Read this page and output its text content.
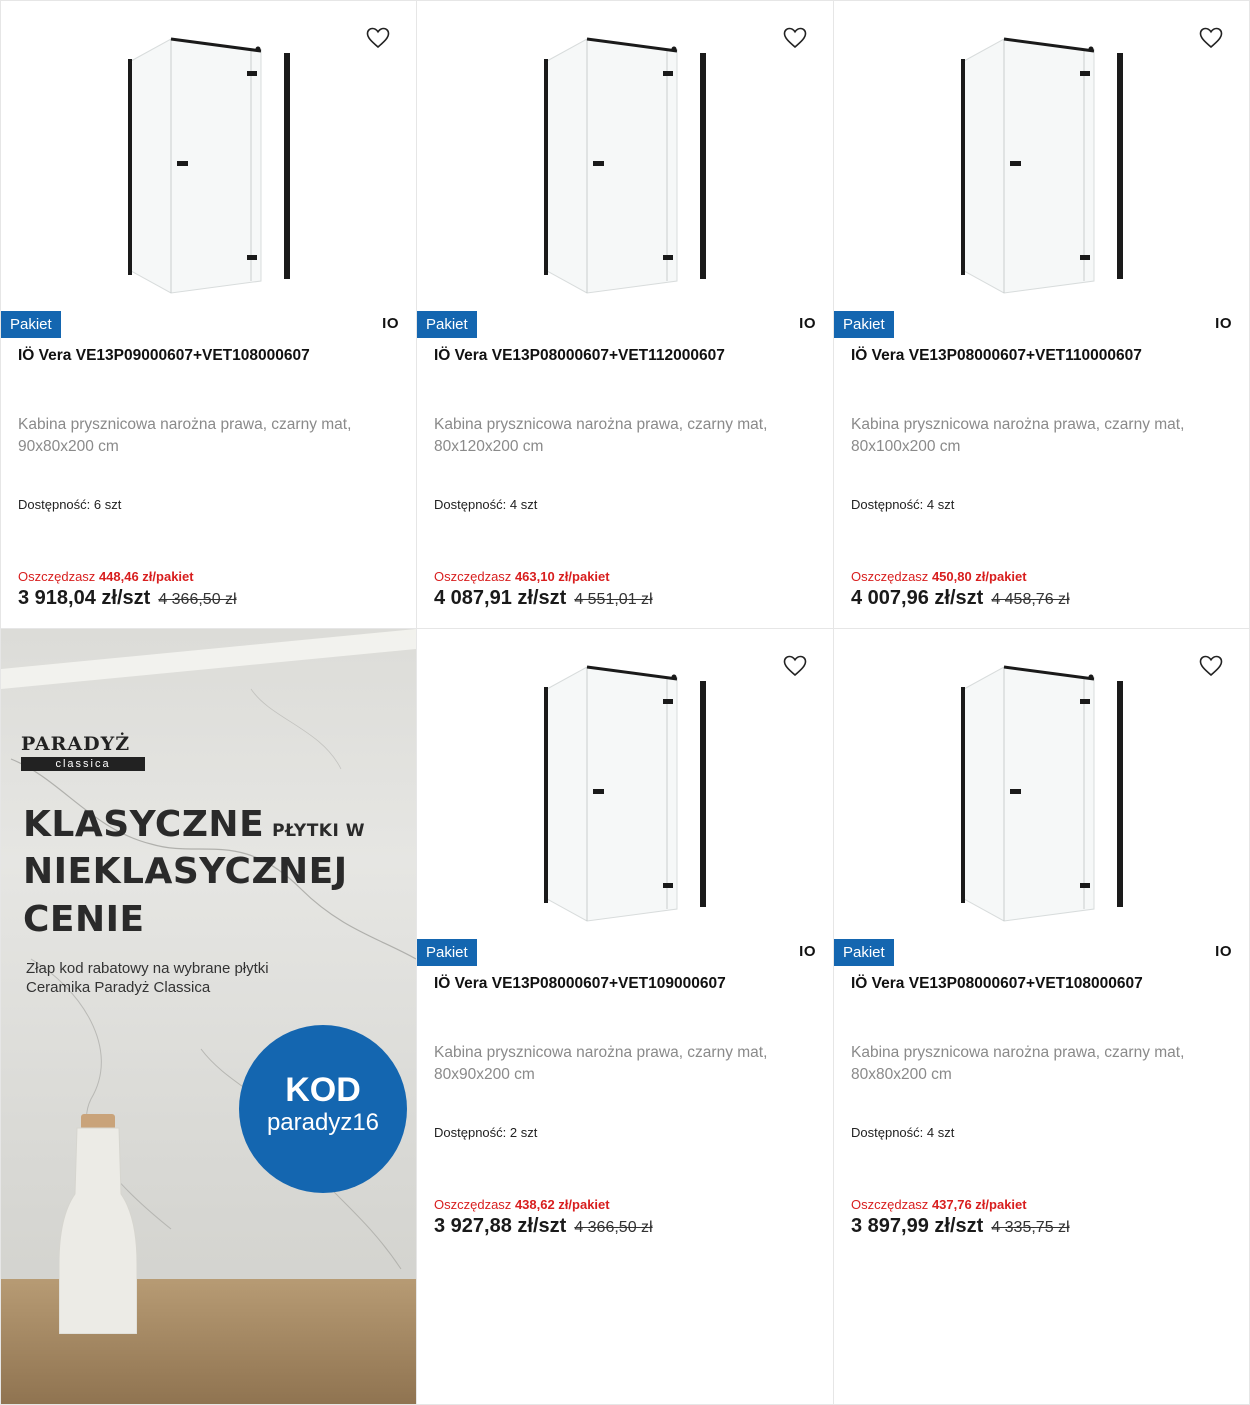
Pakiet	IO
IÖ Vera VE13P09000607+VET108000607
Kabina prysznicowa narożna prawa, czarny mat, 90x80x200 cm
Dostępność: 6 szt
Oszczędzasz 448,46 zł/pakiet
3 918,04 zł/szt 4 366,50 zł
Pakiet	IO
IÖ Vera VE13P08000607+VET112000607
Kabina prysznicowa narożna prawa, czarny mat, 80x120x200 cm
Dostępność: 4 szt
Oszczędzasz 463,10 zł/pakiet
4 087,91 zł/szt 4 551,01 zł
Pakiet	IO
IÖ Vera VE13P08000607+VET110000607
Kabina prysznicowa narożna prawa, czarny mat, 80x100x200 cm
Dostępność: 4 szt
Oszczędzasz 450,80 zł/pakiet
4 007,96 zł/szt 4 458,76 zł
PARADYŻ
classica
KLASYCZNE PŁYTKI W
NIEKLASYCZNEJ
CENIE
Złap kod rabatowy na wybrane płytki Ceramika Paradyż Classica
KOD
paradyz16
Pakiet	IO
IÖ Vera VE13P08000607+VET109000607
Kabina prysznicowa narożna prawa, czarny mat, 80x90x200 cm
Dostępność: 2 szt
Oszczędzasz 438,62 zł/pakiet
3 927,88 zł/szt 4 366,50 zł
Pakiet	IO
IÖ Vera VE13P08000607+VET108000607
Kabina prysznicowa narożna prawa, czarny mat, 80x80x200 cm
Dostępność: 4 szt
Oszczędzasz 437,76 zł/pakiet
3 897,99 zł/szt 4 335,75 zł
